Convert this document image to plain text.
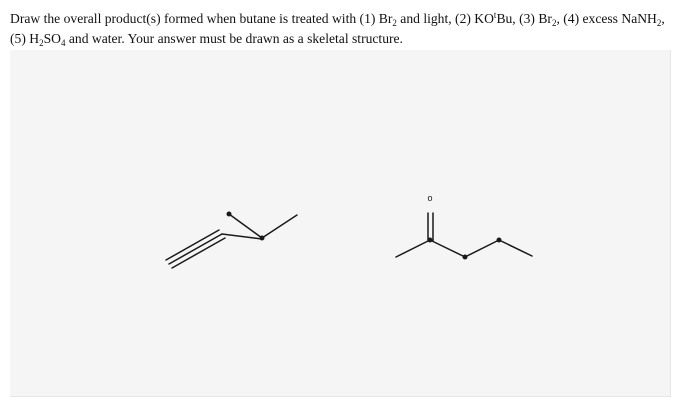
Draw the overall product(s) formed when butane is treated with (1) $Br_2$ and light, (2) $KO^tBu$, (3) $Br_2$, (4) excess NaNH$_2$,
(5) $H_2SO_4$ and water. Your answer must be drawn as a skeletal structure.

o
